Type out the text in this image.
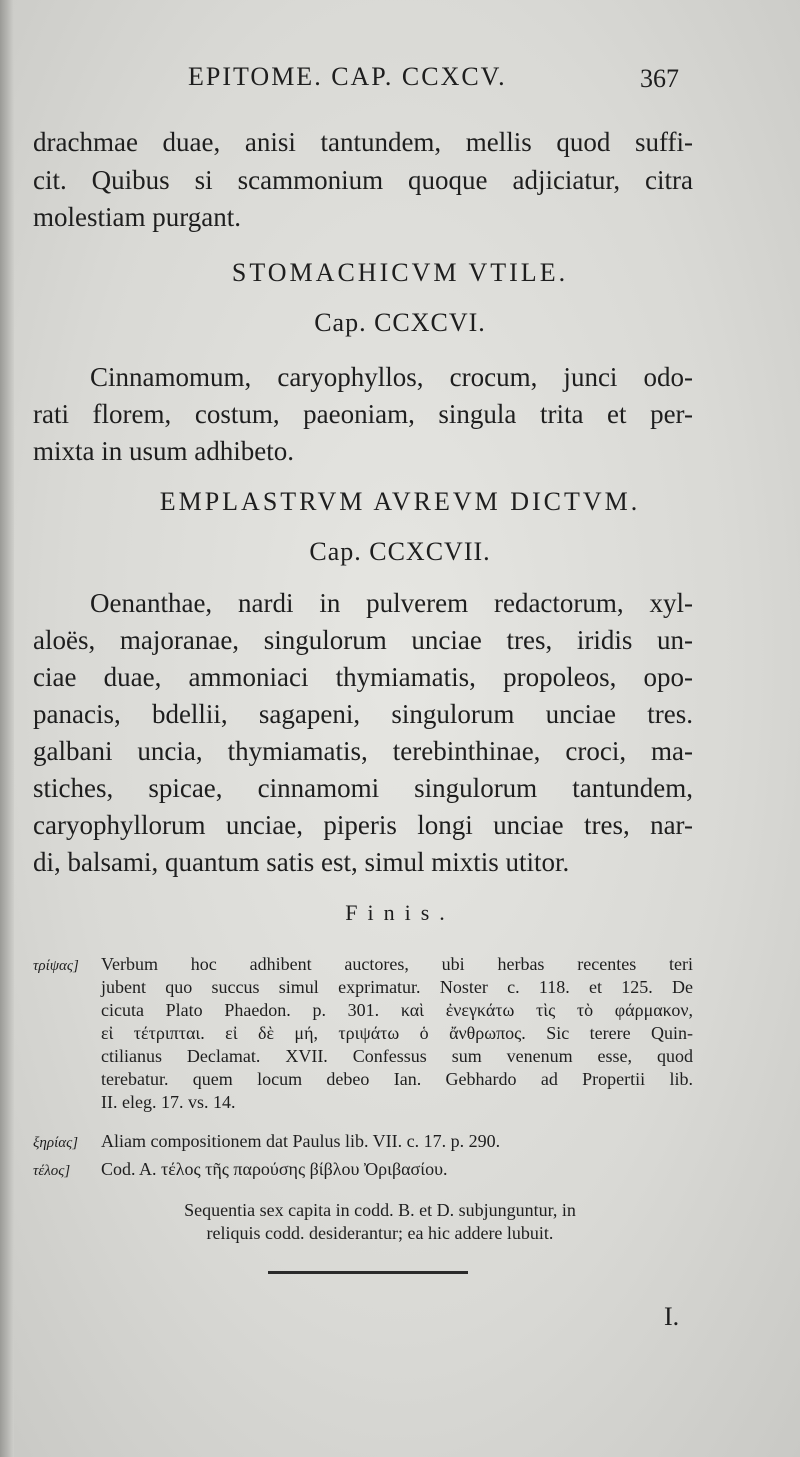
EPITOME. CAP. CCXCV.	367
drachmae duae, anisi tantundem, mellis quod suffi-
cit. Quibus si scammonium quoque adjiciatur, citra
molestiam purgant.
STOMACHICVM VTILE.
Cap. CCXCVI.
Cinnamomum, caryophyllos, crocum, junci odo-
rati florem, costum, paeoniam, singula trita et per-
mixta in usum adhibeto.
EMPLASTRVM AVREVM DICTVM.
Cap. CCXCVII.
Oenanthae, nardi in pulverem redactorum, xyl-
aloës, majoranae, singulorum unciae tres, iridis un-
ciae duae, ammoniaci thymiamatis, propoleos, opo-
panacis, bdellii, sagapeni, singulorum unciae tres.
galbani uncia, thymiamatis, terebinthinae, croci, ma-
stiches, spicae, cinnamomi singulorum tantundem,
caryophyllorum unciae, piperis longi unciae tres, nar-
di, balsami, quantum satis est, simul mixtis utitor.
Finis.
τρίψας] Verbum hoc adhibent auctores, ubi herbas recentes teri
jubent quo succus simul exprimatur. Noster c. 118. et 125. De
cicuta Plato Phaedon. p. 301. καὶ ἐνεγκάτω τὶς τὸ φάρμακον,
εἰ τέτριπται. εἰ δὲ μή, τριψάτω ὁ ἄνθρωπος. Sic terere Quin-
ctilianus Declamat. XVII. Confessus sum venenum esse, quod
terebatur. quem locum debeo Ian. Gebhardo ad Propertii lib.
II. eleg. 17. vs. 14.
ξηρίας] Aliam compositionem dat Paulus lib. VII. c. 17. p. 290.
τέλος] Cod. A. τέλος τῆς παρούσης βίβλου Ὀριβασίου.
Sequentia sex capita in codd. B. et D. subjunguntur, in
reliquis codd. desiderantur; ea hic addere lubuit.
I.
